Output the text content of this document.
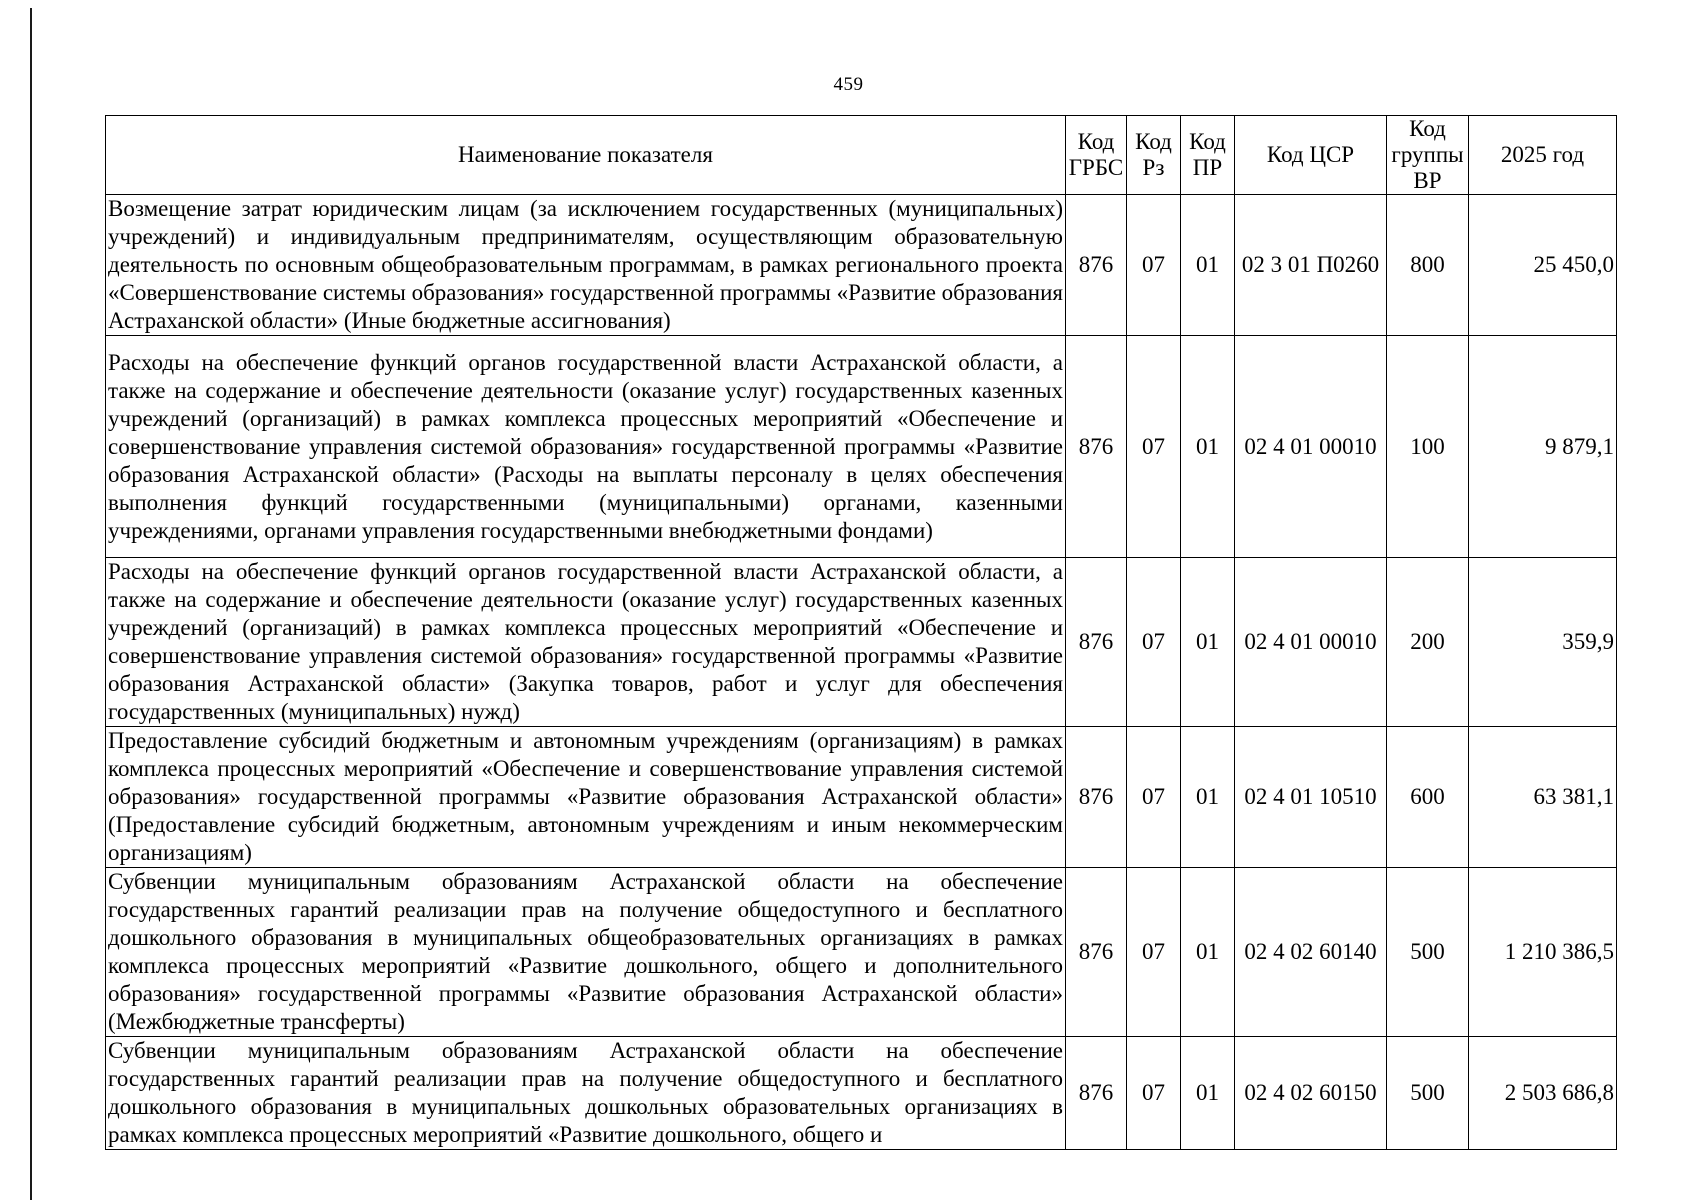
459
Наименование показателя	Код ГРБС	Код Рз	Код ПР	Код ЦСР	Код группы ВР	2025 год
Возмещение затрат юридическим лицам (за исключением государственных (муниципальных) учреждений) и индивидуальным предпринимателям, осуществляющим образовательную деятельность по основным общеобразовательным программам, в рамках регионального проекта «Совершенствование системы образования» государственной программы «Развитие образования Астраханской области» (Иные бюджетные ассигнования)	876	07	01	02 3 01 П0260	800	25 450,0
Расходы на обеспечение функций органов государственной власти Астраханской области, а также на содержание и обеспечение деятельности (оказание услуг) государственных казенных учреждений (организаций) в рамках комплекса процессных мероприятий «Обеспечение и совершенствование управления системой образования» государственной программы «Развитие образования Астраханской области» (Расходы на выплаты персоналу в целях обеспечения выполнения функций государственными (муниципальными) органами, казенными учреждениями, органами управления государственными внебюджетными фондами)	876	07	01	02 4 01 00010	100	9 879,1
Расходы на обеспечение функций органов государственной власти Астраханской области, а также на содержание и обеспечение деятельности (оказание услуг) государственных казенных учреждений (организаций) в рамках комплекса процессных мероприятий «Обеспечение и совершенствование управления системой образования» государственной программы «Развитие образования Астраханской области» (Закупка товаров, работ и услуг для обеспечения государственных (муниципальных) нужд)	876	07	01	02 4 01 00010	200	359,9
Предоставление субсидий бюджетным и автономным учреждениям (организациям) в рамках комплекса процессных мероприятий «Обеспечение и совершенствование управления системой образования» государственной программы «Развитие образования Астраханской области» (Предоставление субсидий бюджетным, автономным учреждениям и иным некоммерческим организациям)	876	07	01	02 4 01 10510	600	63 381,1
Субвенции муниципальным образованиям Астраханской области на обеспечение государственных гарантий реализации прав на получение общедоступного и бесплатного дошкольного образования в муниципальных общеобразовательных организациях в рамках комплекса процессных мероприятий «Развитие дошкольного, общего и дополнительного образования» государственной программы «Развитие образования Астраханской области» (Межбюджетные трансферты)	876	07	01	02 4 02 60140	500	1 210 386,5
Субвенции муниципальным образованиям Астраханской области на обеспечение государственных гарантий реализации прав на получение общедоступного и бесплатного дошкольного образования в муниципальных дошкольных образовательных организациях в рамках комплекса процессных мероприятий «Развитие дошкольного, общего и	876	07	01	02 4 02 60150	500	2 503 686,8
